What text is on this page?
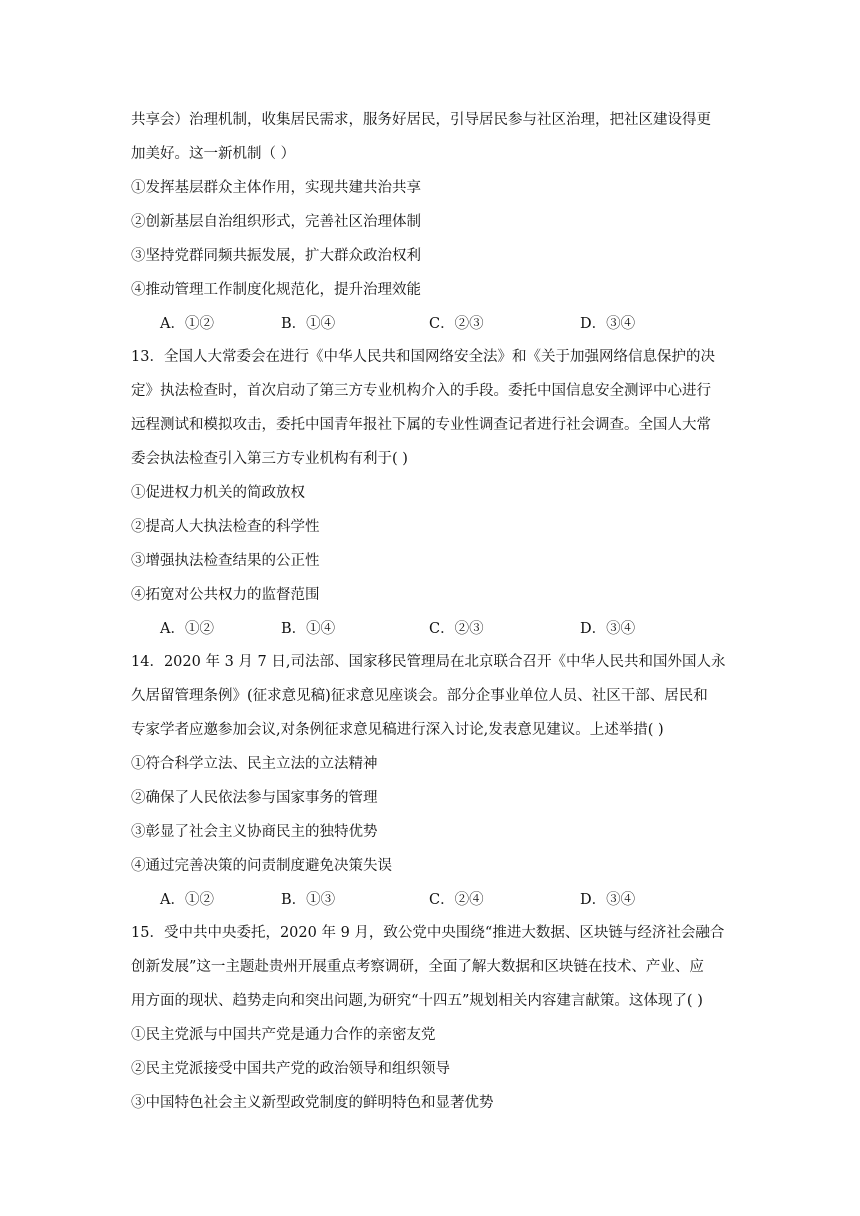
共享会）治理机制，收集居民需求，服务好居民，引导居民参与社区治理，把社区建设得更
加美好。这一新机制（ ）
①发挥基层群众主体作用，实现共建共治共享
②创新基层自治组织形式，完善社区治理体制
③坚持党群同频共振发展，扩大群众政治权利
④推动管理工作制度化规范化，提升治理效能
A．①②	B．①④	C．②③	D．③④
13．全国人大常委会在进行《中华人民共和国网络安全法》和《关于加强网络信息保护的决
定》执法检查时，首次启动了第三方专业机构介入的手段。委托中国信息安全测评中心进行
远程测试和模拟攻击，委托中国青年报社下属的专业性调查记者进行社会调查。全国人大常
委会执法检查引入第三方专业机构有利于( )
①促进权力机关的简政放权
②提高人大执法检查的科学性
③增强执法检查结果的公正性
④拓宽对公共权力的监督范围
A．①②	B．①④	C．②③	D．③④
14．2020 年 3 月 7 日,司法部、国家移民管理局在北京联合召开《中华人民共和国外国人永
久居留管理条例》(征求意见稿)征求意见座谈会。部分企事业单位人员、社区干部、居民和
专家学者应邀参加会议,对条例征求意见稿进行深入讨论,发表意见建议。上述举措( )
①符合科学立法、民主立法的立法精神
②确保了人民依法参与国家事务的管理
③彰显了社会主义协商民主的独特优势
④通过完善决策的问责制度避免决策失误
A．①②	B．①③	C．②④	D．③④
15．受中共中央委托，2020 年 9 月，致公党中央围绕“推进大数据、区块链与经济社会融合
创新发展”这一主题赴贵州开展重点考察调研，全面了解大数据和区块链在技术、产业、应
用方面的现状、趋势走向和突出问题,为研究“十四五”规划相关内容建言献策。这体现了( )
①民主党派与中国共产党是通力合作的亲密友党
②民主党派接受中国共产党的政治领导和组织领导
③中国特色社会主义新型政党制度的鲜明特色和显著优势
